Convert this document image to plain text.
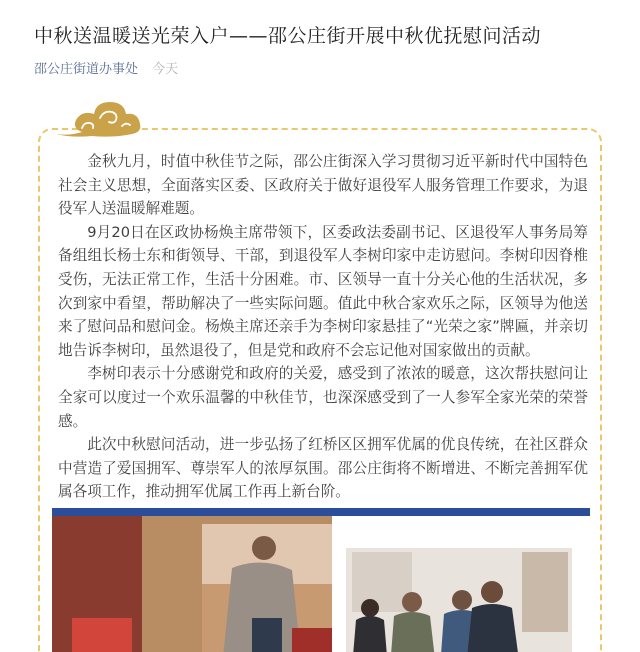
中秋送温暖送光荣入户——邵公庄街开展中秋优抚慰问活动
邵公庄街道办事处 今天

金秋九月，时值中秋佳节之际，邵公庄街深入学习贯彻习近平新时代中国特色社会主义思想，全面落实区委、区政府关于做好退役军人服务管理工作要求，为退役军人送温暖解难题。

9月20日在区政协杨焕主席带领下，区委政法委副书记、区退役军人事务局筹备组组长杨士东和街领导、干部，到退役军人李树印家中走访慰问。李树印因脊椎受伤，无法正常工作，生活十分困难。市、区领导一直十分关心他的生活状况，多次到家中看望，帮助解决了一些实际问题。值此中秋合家欢乐之际，区领导为他送来了慰问品和慰问金。杨焕主席还亲手为李树印家悬挂了“光荣之家”牌匾，并亲切地告诉李树印，虽然退役了，但是党和政府不会忘记他对国家做出的贡献。

李树印表示十分感谢党和政府的关爱，感受到了浓浓的暖意，这次帮扶慰问让全家可以度过一个欢乐温馨的中秋佳节，也深深感受到了一人参军全家光荣的荣誉感。

此次中秋慰问活动，进一步弘扬了红桥区区拥军优属的优良传统，在社区群众中营造了爱国拥军、尊崇军人的浓厚氛围。邵公庄街将不断增进、不断完善拥军优属各项工作，推动拥军优属工作再上新台阶。
